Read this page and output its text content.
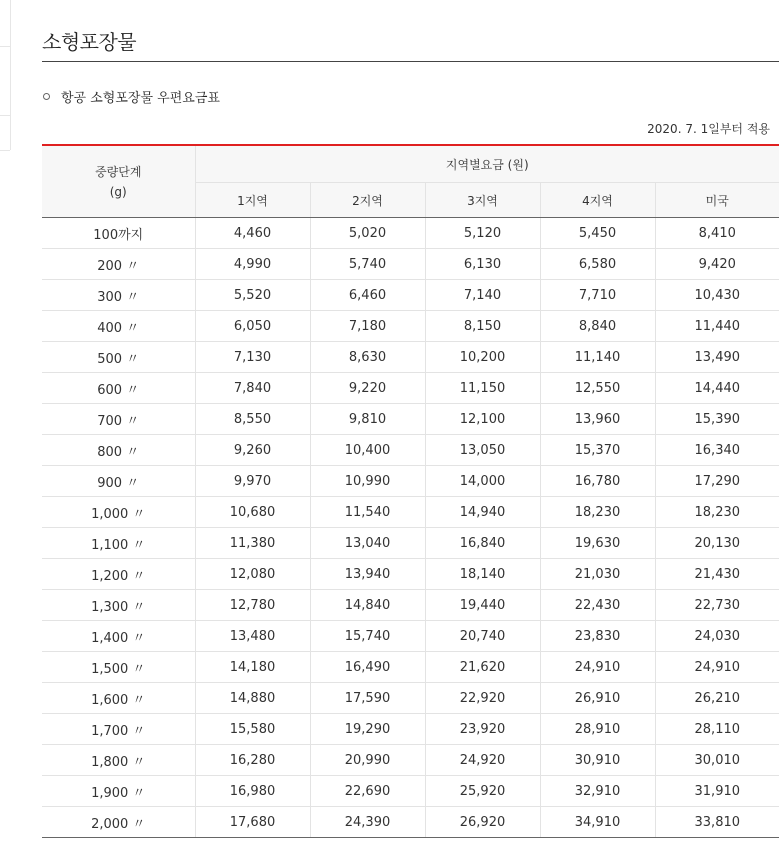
소형포장물
항공 소형포장물 우편요금표
2020. 7. 1일부터 적용
중량단계
(g)	지역별요금 (원)				
	1지역	2지역	3지역	4지역	미국
100까지	4,460	5,020	5,120	5,450	8,410
200 〃	4,990	5,740	6,130	6,580	9,420
300 〃	5,520	6,460	7,140	7,710	10,430
400 〃	6,050	7,180	8,150	8,840	11,440
500 〃	7,130	8,630	10,200	11,140	13,490
600 〃	7,840	9,220	11,150	12,550	14,440
700 〃	8,550	9,810	12,100	13,960	15,390
800 〃	9,260	10,400	13,050	15,370	16,340
900 〃	9,970	10,990	14,000	16,780	17,290
1,000 〃	10,680	11,540	14,940	18,230	18,230
1,100 〃	11,380	13,040	16,840	19,630	20,130
1,200 〃	12,080	13,940	18,140	21,030	21,430
1,300 〃	12,780	14,840	19,440	22,430	22,730
1,400 〃	13,480	15,740	20,740	23,830	24,030
1,500 〃	14,180	16,490	21,620	24,910	24,910
1,600 〃	14,880	17,590	22,920	26,910	26,210
1,700 〃	15,580	19,290	23,920	28,910	28,110
1,800 〃	16,280	20,990	24,920	30,910	30,010
1,900 〃	16,980	22,690	25,920	32,910	31,910
2,000 〃	17,680	24,390	26,920	34,910	33,810
